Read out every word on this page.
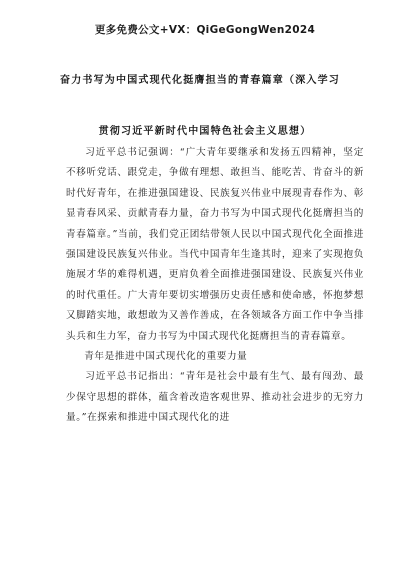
更多免费公文+VX：QiGeGongWen2024
奋力书写为中国式现代化挺膺担当的青春篇章（深入学习
贯彻习近平新时代中国特色社会主义思想）

习近平总书记强调：“广大青年要继承和发扬五四精神，坚定不移听党话、跟党走，争做有理想、敢担当、能吃苦、肯奋斗的新时代好青年，在推进强国建设、民族复兴伟业中展现青春作为、彰显青春风采、贡献青春力量，奋力书写为中国式现代化挺膺担当的青春篇章。”当前，我们党正团结带领人民以中国式现代化全面推进强国建设民族复兴伟业。当代中国青年生逢其时，迎来了实现抱负施展才华的难得机遇，更肩负着全面推进强国建设、民族复兴伟业的时代重任。广大青年要切实增强历史责任感和使命感，怀抱梦想又脚踏实地，敢想敢为又善作善成，在各领域各方面工作中争当排头兵和生力军，奋力书写为中国式现代化挺膺担当的青春篇章。

青年是推进中国式现代化的重要力量

习近平总书记指出：“青年是社会中最有生气、最有闯劲、最少保守思想的群体，蕴含着改造客观世界、推动社会进步的无穷力量。”在探索和推进中国式现代化的进
